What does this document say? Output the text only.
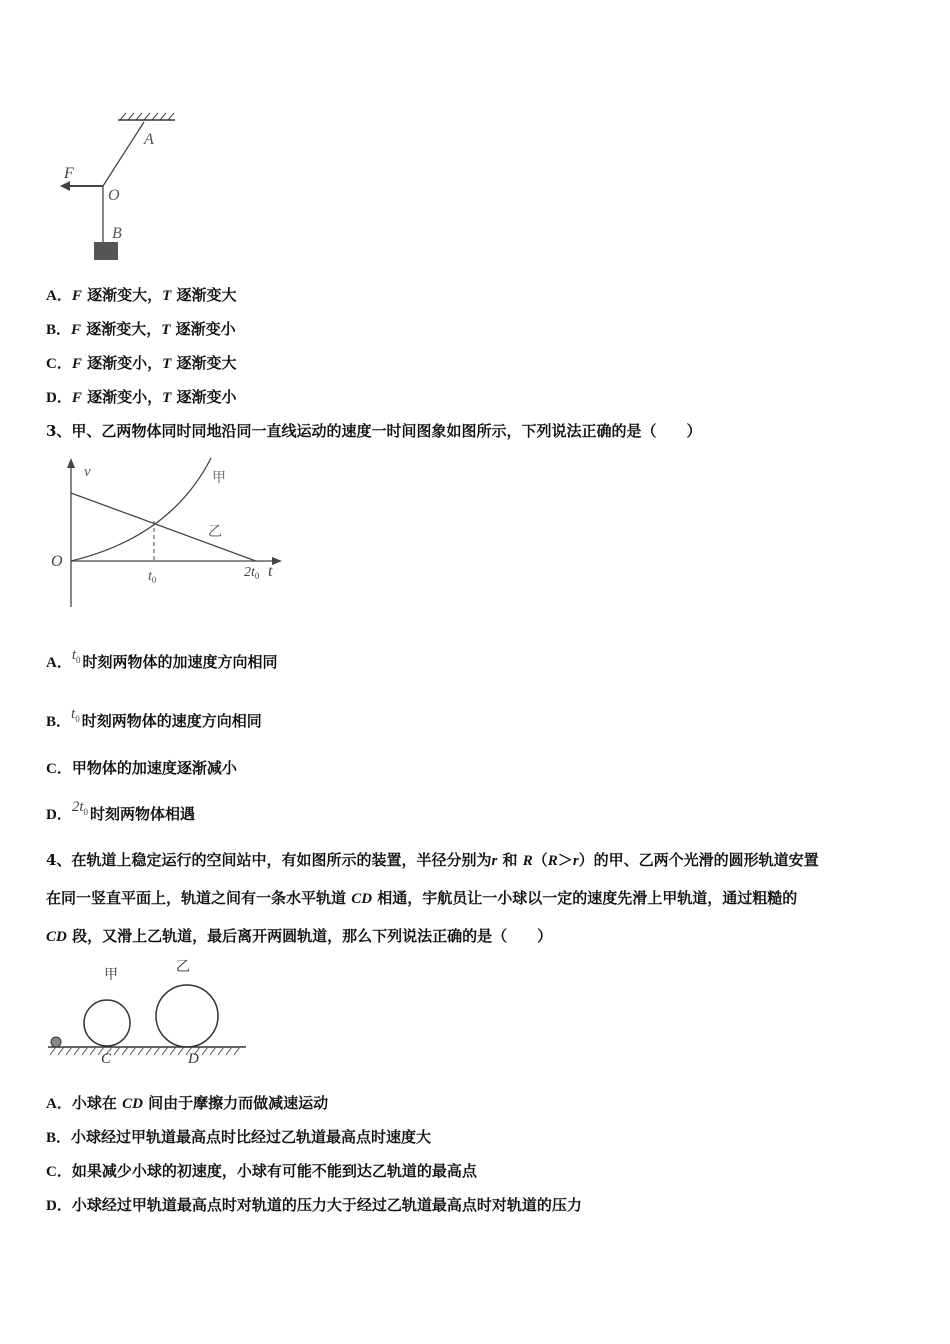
A
F
O
B
A．F 逐渐变大，T 逐渐变大
B．F 逐渐变大，T 逐渐变小
C．F 逐渐变小，T 逐渐变大
D．F 逐渐变小，T 逐渐变小
3、甲、乙两物体同时同地沿同一直线运动的速度一时间图象如图所示，下列说法正确的是（　　）
v
O
t
甲
乙
$t_0$	$2t_0$
A．$t_0$ 时刻两物体的加速度方向相同
B．$t_0$ 时刻两物体的速度方向相同
C．甲物体的加速度逐渐减小
D．$2t_0$ 时刻两物体相遇
4、在轨道上稳定运行的空间站中，有如图所示的装置，半径分别为r 和 R（R＞r）的甲、乙两个光滑的圆形轨道安置
在同一竖直平面上，轨道之间有一条水平轨道 CD 相通，宇航员让一小球以一定的速度先滑上甲轨道，通过粗糙的
CD 段，又滑上乙轨道，最后离开两圆轨道，那么下列说法正确的是（　　）
甲
乙
C	D
A．小球在 CD 间由于摩擦力而做减速运动
B．小球经过甲轨道最高点时比经过乙轨道最高点时速度大
C．如果减少小球的初速度，小球有可能不能到达乙轨道的最高点
D．小球经过甲轨道最高点时对轨道的压力大于经过乙轨道最高点时对轨道的压力
